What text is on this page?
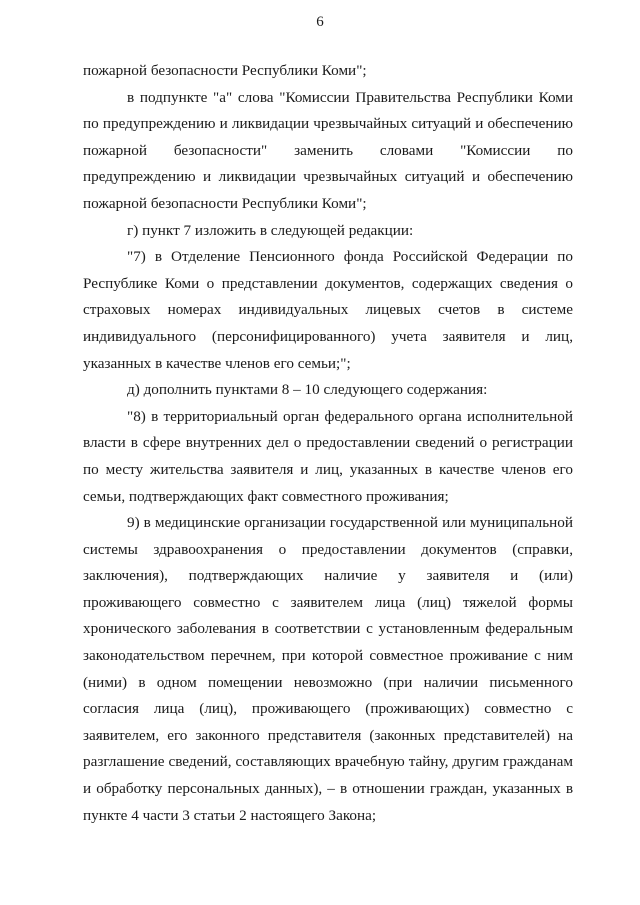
6

пожарной безопасности Республики Коми";

в подпункте "а" слова "Комиссии Правительства Республики Коми по предупреждению и ликвидации чрезвычайных ситуаций и обеспечению пожарной безопасности" заменить словами "Комиссии по предупреждению и ликвидации чрезвычайных ситуаций и обеспечению пожарной безопасности Республики Коми";

г) пункт 7 изложить в следующей редакции:

"7) в Отделение Пенсионного фонда Российской Федерации по Республике Коми о представлении документов, содержащих сведения о страховых номерах индивидуальных лицевых счетов в системе индивидуального (персонифицированного) учета заявителя и лиц, указанных в качестве членов его семьи;";

д) дополнить пунктами 8 – 10 следующего содержания:

"8) в территориальный орган федерального органа исполнительной власти в сфере внутренних дел о предоставлении сведений о регистрации по месту жительства заявителя и лиц, указанных в качестве членов его семьи, подтверждающих факт совместного проживания;

9) в медицинские организации государственной или муниципальной системы здравоохранения о предоставлении документов (справки, заключения), подтверждающих наличие у заявителя и (или) проживающего совместно с заявителем лица (лиц) тяжелой формы хронического заболевания в соответствии с установленным федеральным законодательством перечнем, при которой совместное проживание с ним (ними) в одном помещении невозможно (при наличии письменного согласия лица (лиц), проживающего (проживающих) совместно с заявителем, его законного представителя (законных представителей) на разглашение сведений, составляющих врачебную тайну, другим гражданам и обработку персональных данных), – в отношении граждан, указанных в пункте 4 части 3 статьи 2 настоящего Закона;
